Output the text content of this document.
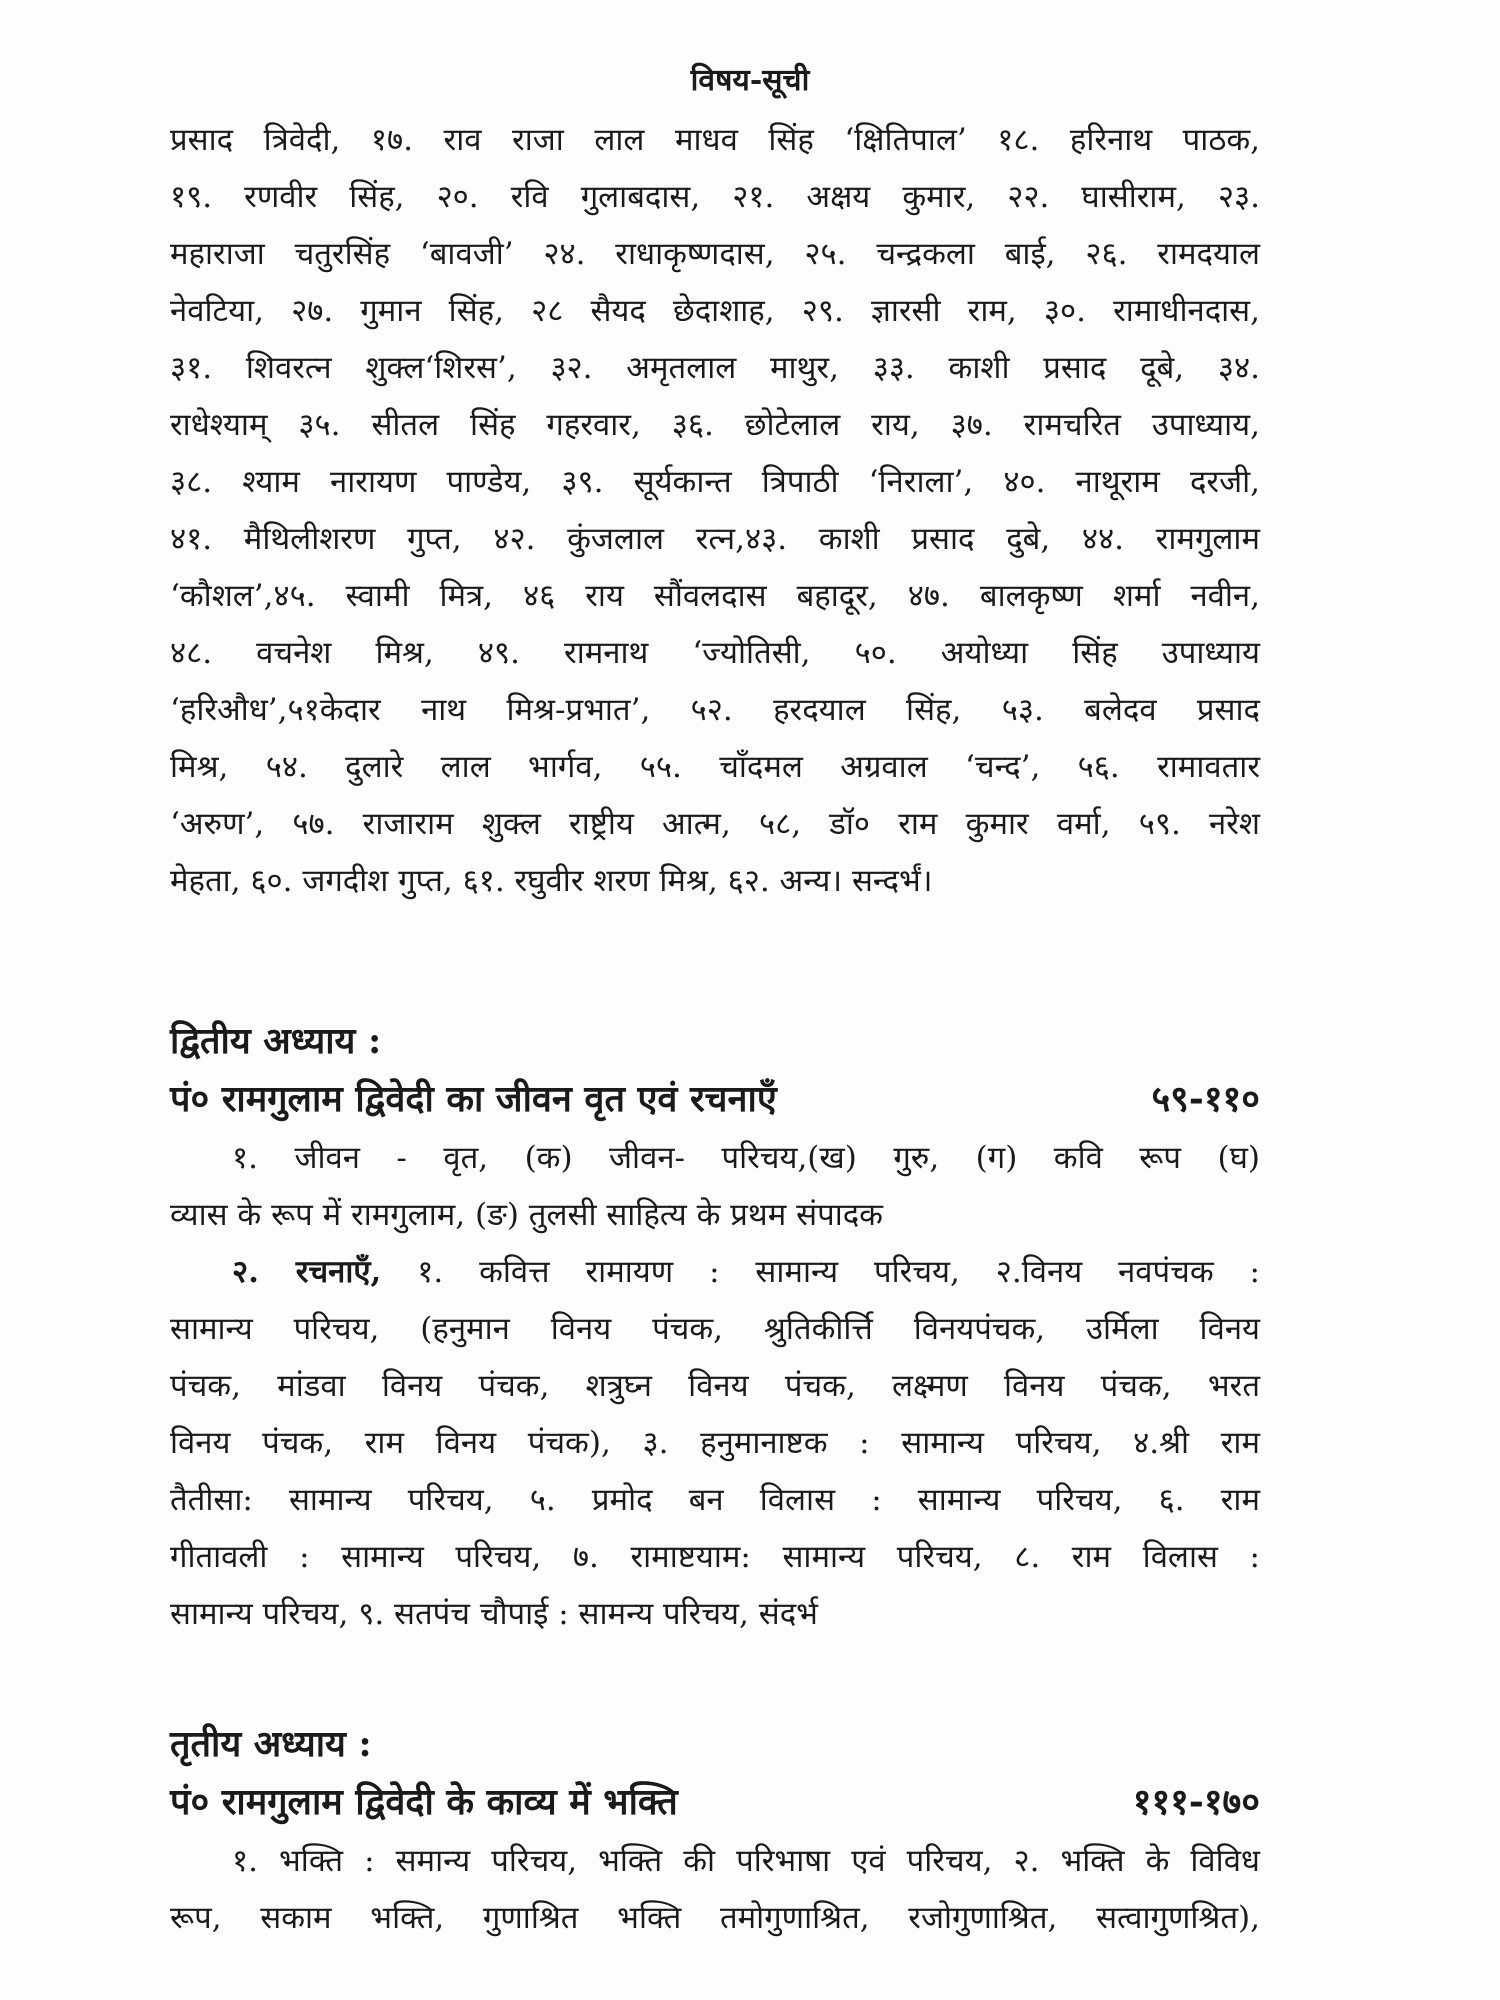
विषय-सूची

प्रसाद त्रिवेदी, १७. राव राजा लाल माधव सिंह ‘क्षितिपाल’ १८. हरिनाथ पाठक,
१९. रणवीर सिंह, २०. रवि गुलाबदास, २१. अक्षय कुमार, २२. घासीराम, २३.
महाराजा चतुरसिंह ‘बावजी’ २४. राधाकृष्णदास, २५. चन्द्रकला बाई, २६. रामदयाल
नेवटिया, २७. गुमान सिंह, २८ सैयद छेदाशाह, २९. ज्ञारसी राम, ३०. रामाधीनदास,
३१. शिवरत्न शुक्ल‘शिरस’, ३२. अमृतलाल माथुर, ३३. काशी प्रसाद दूबे, ३४.
राधेश्याम् ३५. सीतल सिंह गहरवार, ३६. छोटेलाल राय, ३७. रामचरित उपाध्याय,
३८. श्याम नारायण पाण्डेय, ३९. सूर्यकान्त त्रिपाठी ‘निराला’, ४०. नाथूराम दरजी,
४१. मैथिलीशरण गुप्त, ४२. कुंजलाल रत्न,४३. काशी प्रसाद दुबे, ४४. रामगुलाम
‘कौशल’,४५. स्वामी मित्र, ४६ राय सौंवलदास बहादूर, ४७. बालकृष्ण शर्मा नवीन,
४८. वचनेश मिश्र, ४९. रामनाथ ‘ज्योतिसी, ५०. अयोध्या सिंह उपाध्याय
‘हरिऔध’,५१केदार नाथ मिश्र-प्रभात’, ५२. हरदयाल सिंह, ५३. बलेदव प्रसाद
मिश्र, ५४. दुलारे लाल भार्गव, ५५. चाँदमल अग्रवाल ‘चन्द’, ५६. रामावतार
‘अरुण’, ५७. राजाराम शुक्ल राष्ट्रीय आत्म, ५८, डॉ० राम कुमार वर्मा, ५९. नरेश
मेहता, ६०. जगदीश गुप्त, ६१. रघुवीर शरण मिश्र, ६२. अन्य। सन्दर्भं।

द्वितीय अध्याय :
पं० रामगुलाम द्विवेदी का जीवन वृत एवं रचनाएँ	५९-११०

१. जीवन - वृत, (क) जीवन- परिचय,(ख) गुरु, (ग) कवि रूप (घ)
व्यास के रूप में रामगुलाम, (ङ) तुलसी साहित्य के प्रथम संपादक

२. रचनाएँ, १. कवित्त रामायण : सामान्य परिचय, २.विनय नवपंचक :
सामान्य परिचय, (हनुमान विनय पंचक, श्रुतिकीर्त्ति विनयपंचक, उर्मिला विनय
पंचक, मांडवा विनय पंचक, शत्रुघ्न विनय पंचक, लक्ष्मण विनय पंचक, भरत
विनय पंचक, राम विनय पंचक), ३. हनुमानाष्टक : सामान्य परिचय, ४.श्री राम
तैतीसा: सामान्य परिचय, ५. प्रमोद बन विलास : सामान्य परिचय, ६. राम
गीतावली : सामान्य परिचय, ७. रामाष्टयाम: सामान्य परिचय, ८. राम विलास :
सामान्य परिचय, ९. सतपंच चौपाई : सामन्य परिचय, संदर्भ

तृतीय अध्याय :
पं० रामगुलाम द्विवेदी के काव्य में भक्ति	१११-१७०

१. भक्ति : समान्य परिचय, भक्ति की परिभाषा एवं परिचय, २. भक्ति के विविध
रूप, सकाम भक्ति, गुणाश्रित भक्ति तमोगुणाश्रित, रजोगुणाश्रित, सत्वागुणश्रित),
